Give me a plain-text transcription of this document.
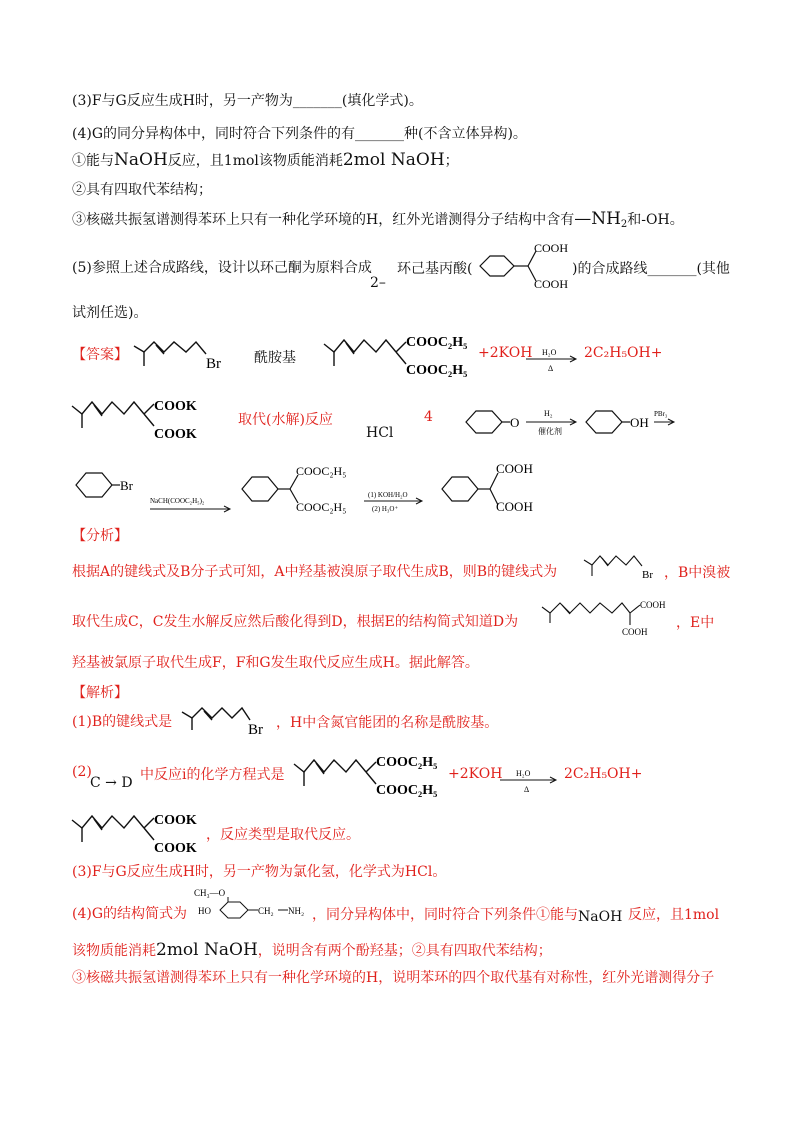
(3)F与G反应生成H时，另一产物为_______(填化学式)。
(4)G的同分异构体中，同时符合下列条件的有_______种(不含立体异构)。
①能与NaOH反应，且1mol该物质能消耗2mol NaOH；
②具有四取代苯结构；
③核磁共振氢谱测得苯环上只有一种化学环境的H，红外光谱测得分子结构中含有$—NH_2$和-OH。
(5)参照上述合成路线，设计以环己酮为原料合成
2–
环己基丙酸(
COOH
COOH
)的合成路线_______(其他
试剂任选)。
【答案】
Br 酰胺基
COOC₂H₅
COOC₂H₅
+2KOH H₂O
Δ
2C₂H₅OH+
COOK
COOK
取代(水解)反应
HCl
4	O
H₂
催化剂
OH
PBr₃
Br
NaCH(COOC₂H₅)₂
COOC₂H₅
COOC₂H₅
(1) KOH/H₂O
(2) H₃O⁺
COOH
COOH
【分析】
根据A的键线式及B分子式可知，A中羟基被溴原子取代生成B，则B的键线式为	Br ，B中溴被
取代生成C，C发生水解反应然后酸化得到D，根据E的结构简式知道D为
COOH
COOH
，E中
羟基被氯原子取代生成F，F和G发生取代反应生成H。据此解答。
【解析】
(1)B的键线式是	Br ，H中含氮官能团的名称是酰胺基。
(2)
C → D 中反应ⅰ的化学方程式是
COOC₂H₅
COOC₂H₅
+2KOH H₂O
Δ
2C₂H₅OH+
COOK
COOK
，反应类型是取代反应。
(3)F与G反应生成H时，另一产物为氯化氢，化学式为HCl。
(4)G的结构简式为
CH₃—O
HO	CH₂ NH₂ ，同分异构体中，同时符合下列条件①能与 NaOH 反应，且1mol
该物质能消耗2mol NaOH，说明含有两个酚羟基；②具有四取代苯结构；
③核磁共振氢谱测得苯环上只有一种化学环境的H，说明苯环的四个取代基有对称性，红外光谱测得分子
